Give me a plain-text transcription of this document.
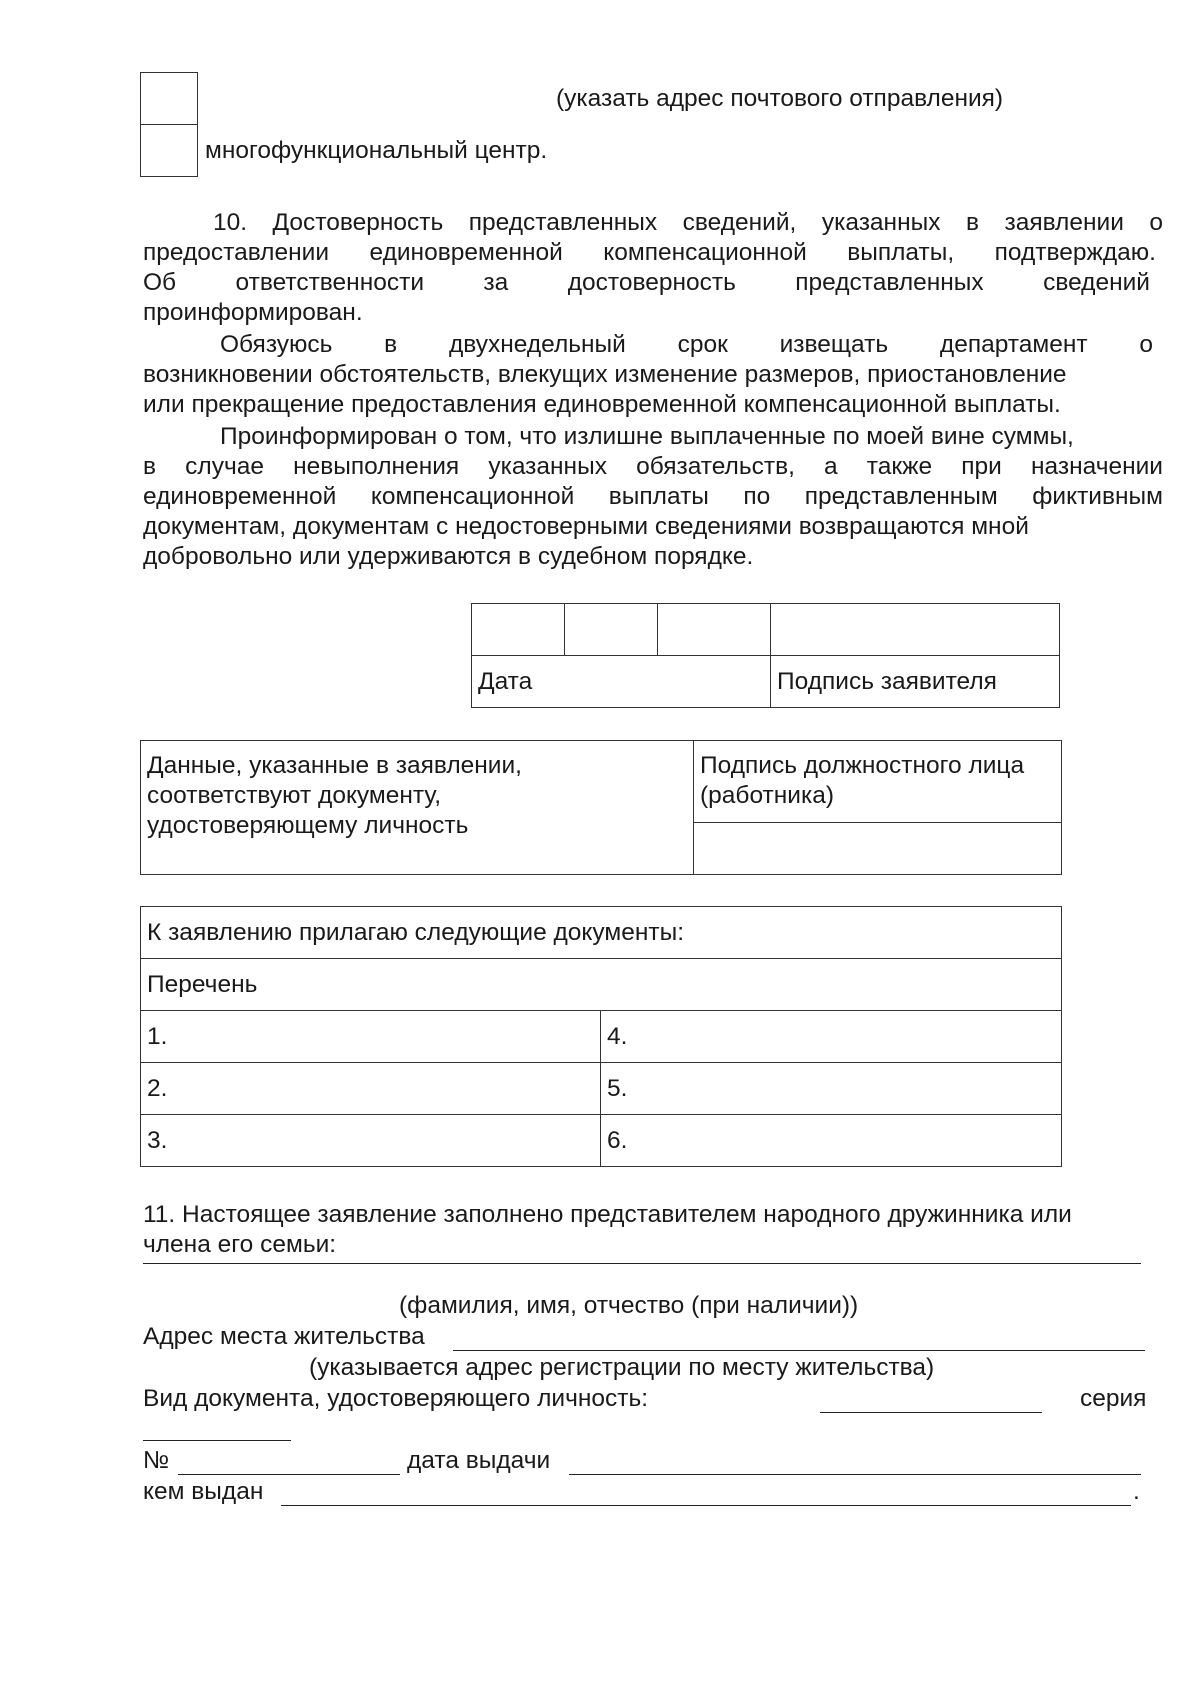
(указать адрес почтового отправления)
многофункциональный центр.
10. Достоверность представленных сведений, указанных в заявлении о
предоставлении единовременной компенсационной выплаты, подтверждаю.
Об ответственности за достоверность представленных сведений
проинформирован.
Обязуюсь в двухнедельный срок извещать департамент о
возникновении обстоятельств, влекущих изменение размеров, приостановление
или прекращение предоставления единовременной компенсационной выплаты.
Проинформирован о том, что излишне выплаченные по моей вине суммы,
в случае невыполнения указанных обязательств, а также при назначении
единовременной компенсационной выплаты по представленным фиктивным
документам, документам с недостоверными сведениями возвращаются мной
добровольно или удерживаются в судебном порядке.

Дата			Подпись заявителя
Данные, указанные в заявлении,
соответствуют документу,
удостоверяющему личность

Подпись должностного лица
(работника)

К заявлению прилагаю следующие документы:	
Перечень	
1.	4.
2.	5.
3.	6.
11. Настоящее заявление заполнено представителем народного дружинника или
члена его семьи:
(фамилия, имя, отчество (при наличии))
Адрес места жительства
(указывается адрес регистрации по месту жительства)
Вид документа, удостоверяющего личность:	серия
№	дата выдачи
кем выдан	.
